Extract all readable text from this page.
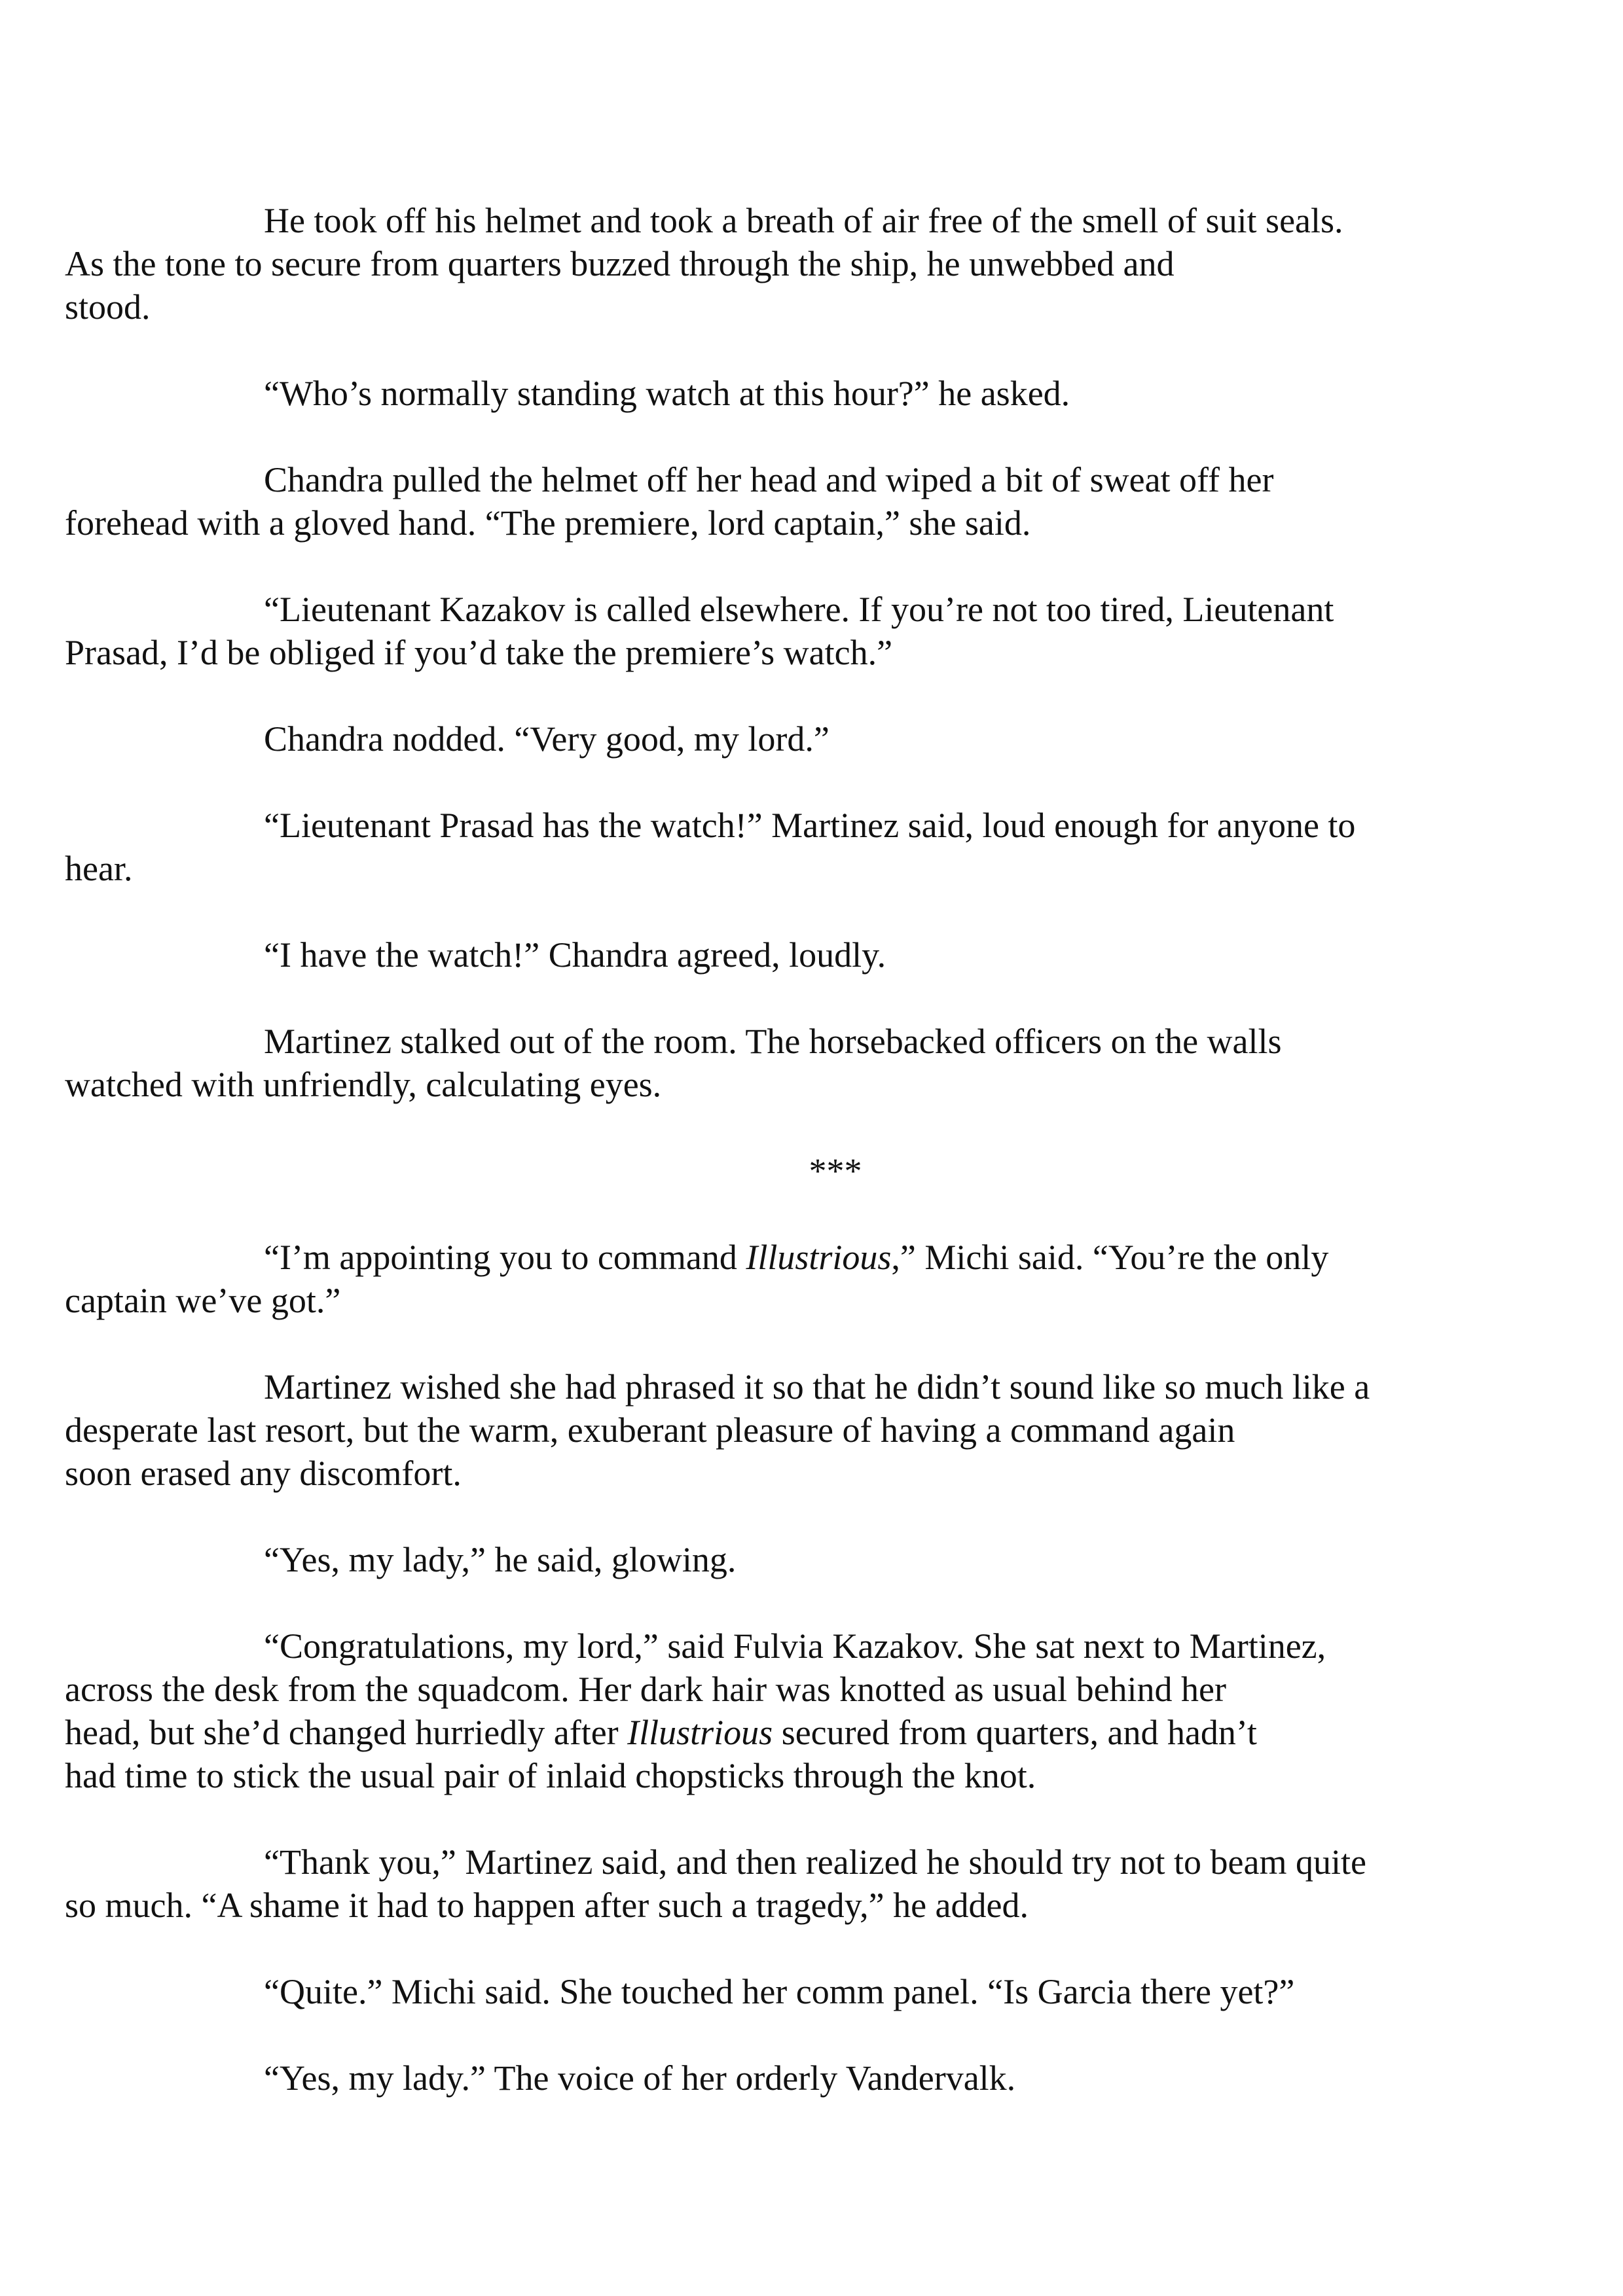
He took off his helmet and took a breath of air free of the smell of suit seals.
As the tone to secure from quarters buzzed through the ship, he unwebbed and
stood.
“Who’s normally standing watch at this hour?” he asked.
Chandra pulled the helmet off her head and wiped a bit of sweat off her
forehead with a gloved hand. “The premiere, lord captain,” she said.
“Lieutenant Kazakov is called elsewhere. If you’re not too tired, Lieutenant
Prasad, I’d be obliged if you’d take the premiere’s watch.”
Chandra nodded. “Very good, my lord.”
“Lieutenant Prasad has the watch!” Martinez said, loud enough for anyone to
hear.
“I have the watch!” Chandra agreed, loudly.
Martinez stalked out of the room. The horsebacked officers on the walls
watched with unfriendly, calculating eyes.
***
“I’m appointing you to command Illustrious,” Michi said. “You’re the only
captain we’ve got.”
Martinez wished she had phrased it so that he didn’t sound like so much like a
desperate last resort, but the warm, exuberant pleasure of having a command again
soon erased any discomfort.
“Yes, my lady,” he said, glowing.
“Congratulations, my lord,” said Fulvia Kazakov. She sat next to Martinez,
across the desk from the squadcom. Her dark hair was knotted as usual behind her
head, but she’d changed hurriedly after Illustrious secured from quarters, and hadn’t
had time to stick the usual pair of inlaid chopsticks through the knot.
“Thank you,” Martinez said, and then realized he should try not to beam quite
so much. “A shame it had to happen after such a tragedy,” he added.
“Quite.” Michi said. She touched her comm panel. “Is Garcia there yet?”
“Yes, my lady.” The voice of her orderly Vandervalk.
